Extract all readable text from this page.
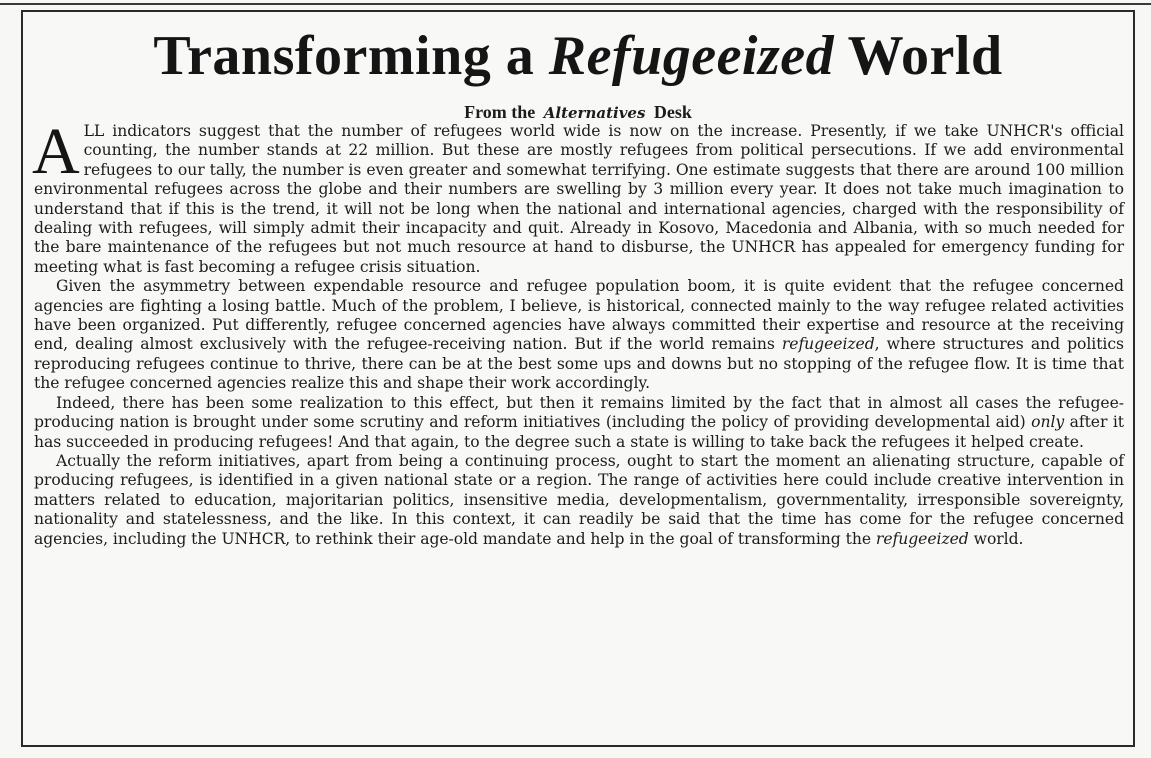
Transforming a Refugeeized World
From the Alternatives Desk

ALL indicators suggest that the number of refugees world wide is now on the increase. Presently, if we take UNHCR's official counting, the number stands at 22 million. But these are mostly refugees from political persecutions. If we add environmental refugees to our tally, the number is even greater and somewhat terrifying. One estimate suggests that there are around 100 million environmental refugees across the globe and their numbers are swelling by 3 million every year. It does not take much imagination to understand that if this is the trend, it will not be long when the national and international agencies, charged with the responsibility of dealing with refugees, will simply admit their incapacity and quit. Already in Kosovo, Macedonia and Albania, with so much needed for the bare maintenance of the refugees but not much resource at hand to disburse, the UNHCR has appealed for emergency funding for meeting what is fast becoming a refugee crisis situation.

Given the asymmetry between expendable resource and refugee population boom, it is quite evident that the refugee concerned agencies are fighting a losing battle. Much of the problem, I believe, is historical, connected mainly to the way refugee related activities have been organized. Put differently, refugee concerned agencies have always committed their expertise and resource at the receiving end, dealing almost exclusively with the refugee-receiving nation. But if the world remains refugeeized, where structures and politics reproducing refugees continue to thrive, there can be at the best some ups and downs but no stopping of the refugee flow. It is time that the refugee concerned agencies realize this and shape their work accordingly.

Indeed, there has been some realization to this effect, but then it remains limited by the fact that in almost all cases the refugee-producing nation is brought under some scrutiny and reform initiatives (including the policy of providing developmental aid) only after it has succeeded in producing refugees! And that again, to the degree such a state is willing to take back the refugees it helped create.

Actually the reform initiatives, apart from being a continuing process, ought to start the moment an alienating structure, capable of producing refugees, is identified in a given national state or a region. The range of activities here could include creative intervention in matters related to education, majoritarian politics, insensitive media, developmentalism, governmentality, irresponsible sovereignty, nationality and statelessness, and the like. In this context, it can readily be said that the time has come for the refugee concerned agencies, including the UNHCR, to rethink their age-old mandate and help in the goal of transforming the refugeeized world.
